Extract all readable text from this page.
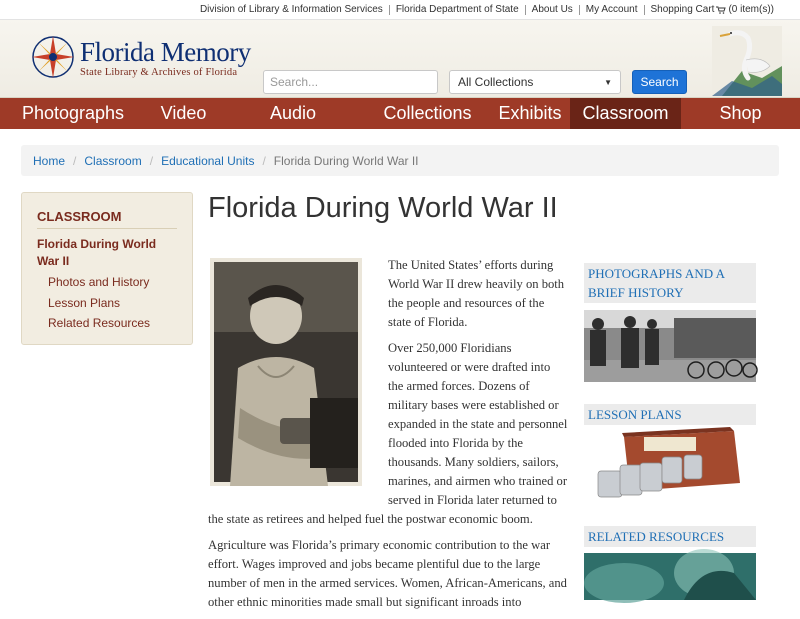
Division of Library & Information Services	Florida Department of State	About Us	My Account	Shopping Cart (0 item(s))
Florida Memory
State Library & Archives of Florida
Search...
All Collections	▼	Search
Photographs	Video	Audio	Collections	Exhibits	Classroom	Shop
Home / Classroom / Educational Units / Florida During World War II
CLASSROOM
Florida During World War II
Photos and History
Lesson Plans
Related Resources
Florida During World War II

The United States’ efforts during World War II drew heavily on both the people and resources of the state of Florida.

Over 250,000 Floridians volunteered or were drafted into the armed forces. Dozens of military bases were established or expanded in the state and personnel flooded into Florida by the thousands. Many soldiers, sailors, marines, and airmen who trained or served in Florida later returned to the state as retirees and helped fuel the postwar economic boom.

Agriculture was Florida’s primary economic contribution to the war effort. Wages improved and jobs became plentiful due to the large number of men in the armed services. Women, African-Americans, and other ethnic minorities made small but significant inroads into

PHOTOGRAPHS AND A BRIEF HISTORY
LESSON PLANS
RELATED RESOURCES
